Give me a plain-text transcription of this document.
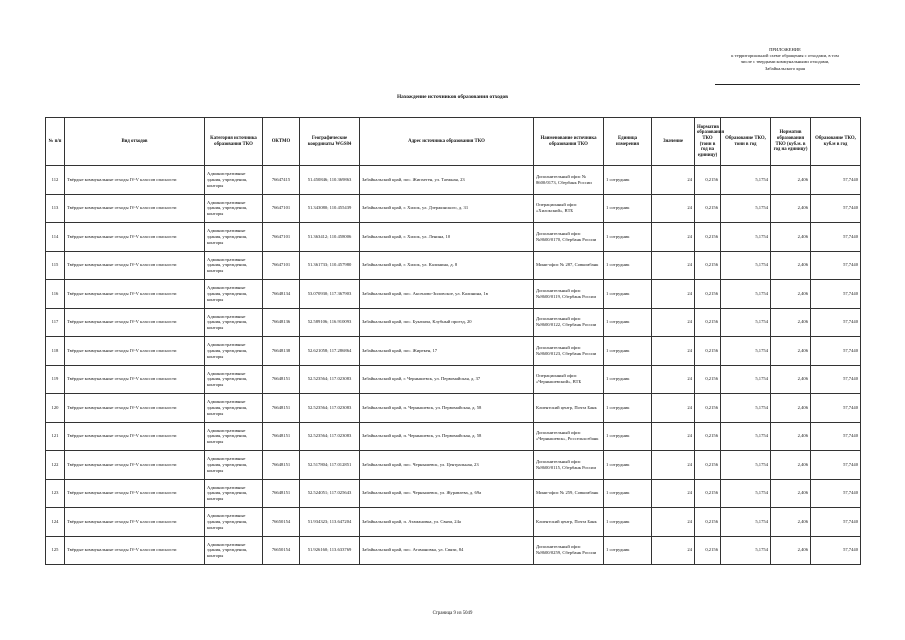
ПРИЛОЖЕНИЕ
к территориальной схеме обращения с отходами, в том
числе с твердыми коммунальными отходами,
Забайкальского края
Нахождение источников образования отходов
№ п/п	Вид отходов	Категория источника образования ТКО	ОКТМО	Географические координаты WGS84	Адрес источника образования ТКО	Наименование источника образования ТКО	Единица измерения	Значение	Норматив образования ТКО (тонн в год на единицу)	Образование ТКО, тонн в год	Норматив образования ТКО (куб.м. в год на единицу)	Образование ТКО, куб.м в год
112	Твёрдые коммунальные отходы IV-V классов опасности	Административные здания, учреждения, конторы	76647415	51.450846; 110.369863	Забайкальский край, пос. Жипхеген, ул. Таежная, 23	Дополнительный офис № 8600/0173, Сбербанк России	1 сотрудник	24	0,2156	5,1754	2,406	57,7440
113	Твёрдые коммунальные отходы IV-V классов опасности	Административные здания, учреждения, конторы	76647101	51.343080; 110.455439	Забайкальский край, г. Хилок, ул. Дзержинского, д. 31	Операционный офис «Хилокский», ВТБ	1 сотрудник	24	0,2156	5,1754	2,406	57,7440
114	Твёрдые коммунальные отходы IV-V классов опасности	Административные здания, учреждения, конторы	76647101	51.363412; 110.458006	Забайкальский край, г. Хилок, ул. Ленина, 10	Дополнительный офис №8600/0170, Сбербанк России	1 сотрудник	24	0,2156	5,1754	2,406	57,7440
115	Твёрдые коммунальные отходы IV-V классов опасности	Административные здания, учреждения, конторы	76647101	51.361733; 110.457980	Забайкальский край, г. Хилок, ул. Калинина, д. 8	Мини-офис № 287, Совкомбанк	1 сотрудник	24	0,2156	5,1754	2,406	57,7440
116	Твёрдые коммунальные отходы IV-V классов опасности	Административные здания, учреждения, конторы	76648134	53.070930; 117.367903	Забайкальский край, пос. Аксеново-Зиловское, ул. Калинина, 1в	Дополнительный офис №8600/0119, Сбербанк России	1 сотрудник	24	0,2156	5,1754	2,406	57,7440
117	Твёрдые коммунальные отходы IV-V классов опасности	Административные здания, учреждения, конторы	76648136	52.589106; 116.910093	Забайкальский край, пос. Букачача, Клубный проезд, 20	Дополнительный офис №8600/0122, Сбербанк России	1 сотрудник	24	0,2156	5,1754	2,406	57,7440
118	Твёрдые коммунальные отходы IV-V классов опасности	Административные здания, учреждения, конторы	76648138	52.621058; 117.286864	Забайкальский край, пос. Жирекен, 17	Дополнительный офис №8600/0123, Сбербанк России	1 сотрудник	24	0,2156	5,1754	2,406	57,7440
119	Твёрдые коммунальные отходы IV-V классов опасности	Административные здания, учреждения, конторы	76648151	52.523564; 117.023083	Забайкальский край, г. Чернышевск, ул. Первомайская, д. 37	Операционный офис «Чернышевский», ВТБ	1 сотрудник	24	0,2156	5,1754	2,406	57,7440
120	Твёрдые коммунальные отходы IV-V классов опасности	Административные здания, учреждения, конторы	76648151	52.523564; 117.023083	Забайкальский край, п. Чернышевск, ул. Первомайская, д. 58	Клиентский центр, Почта Банк	1 сотрудник	24	0,2156	5,1754	2,406	57,7440
121	Твёрдые коммунальные отходы IV-V классов опасности	Административные здания, учреждения, конторы	76648151	52.523564; 117.023083	Забайкальский край, п. Чернышевск, ул. Первомайская, д. 58	Дополнительный офис «Чернышевск», Россельхозбанк	1 сотрудник	24	0,2156	5,1754	2,406	57,7440
122	Твёрдые коммунальные отходы IV-V классов опасности	Административные здания, учреждения, конторы	76648151	52.517804; 117.012851	Забайкальский край, пос. Чернышевск, ул. Центральная, 23	Дополнительный офис №8600/0115, Сбербанк России	1 сотрудник	24	0,2156	5,1754	2,406	57,7440
123	Твёрдые коммунальные отходы IV-V классов опасности	Административные здания, учреждения, конторы	76648151	52.524051; 117.025643	Забайкальский край, пос. Чернышевск, ул. Журавлева, д. 69а	Мини-офис № 259, Совкомбанк	1 сотрудник	24	0,2156	5,1754	2,406	57,7440
124	Твёрдые коммунальные отходы IV-V классов опасности	Административные здания, учреждения, конторы	76650154	51.934323; 113.647204	Забайкальский край, п. Атамановка, ул. Связи, 24а	Клиентский центр, Почта Банк	1 сотрудник	24	0,2156	5,1754	2,406	57,7440
125	Твёрдые коммунальные отходы IV-V классов опасности	Административные здания, учреждения, конторы	76650154	51.926160; 113.633769	Забайкальский край, пос. Атамановка, ул. Связи, 84	Дополнительный офис №8600/0259, Сбербанк России	1 сотрудник	24	0,2156	5,1754	2,406	57,7440
Страница 9 из 5049
